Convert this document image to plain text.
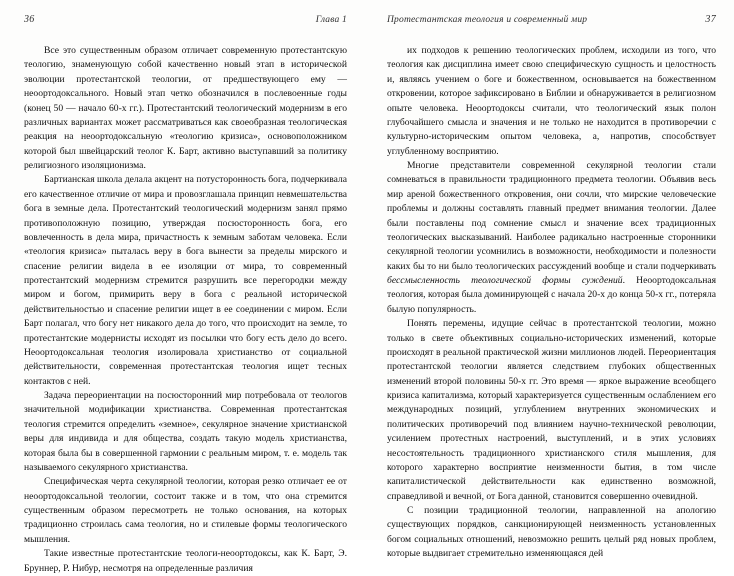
36	Глава 1

Все это существенным образом отличает современную протестантскую теологию, знаменующую собой качественно новый этап в исторической эволюции протестантской теологии, от предшествующего ему — неоортодоксального. Новый этап четко обозначился в послевоенные годы (конец 50 — начало 60-х гг.). Протестантский теологический модернизм в его различных вариантах может рассматриваться как своеобразная теологическая реакция на неоортодоксальную «теологию кризиса», основоположником которой был швейцарский теолог К. Барт, активно выступавший за политику религиозного изоляционизма.

Бартианская школа делала акцент на потусторонность бога, подчеркивала его качественное отличие от мира и провозглашала принцип невмешательства бога в земные дела. Протестантский теологический модернизм занял прямо противоположную позицию, утверждая посюсторонность бога, его вовлеченность в дела мира, причастность к земным заботам человека. Если «теология кризиса» пыталась веру в бога вынести за пределы мирского и спасение религии видела в ее изоляции от мира, то современный протестантский модернизм стремится разрушить все перегородки между миром и богом, примирить веру в бога с реальной исторической действительностью и спасение религии ищет в ее соединении с миром. Если Барт полагал, что богу нет никакого дела до того, что происходит на земле, то протестантские модернисты исходят из посылки что богу есть дело до всего. Неоортодоксальная теология изолировала христианство от социальной действительности, современная протестантская теология ищет тесных контактов с ней.

Задача переориентации на посюсторонний мир потребовала от теологов значительной модификации христианства. Современная протестантская теология стремится определить «земное», секулярное значение христианской веры для индивида и для общества, создать такую модель христианства, которая была бы в совершенной гармонии с реальным миром, т. е. модель так называемого секулярного христианства.

Специфическая черта секулярной теологии, которая резко отличает ее от неоортодоксальной теологии, состоит также и в том, что она стремится существенным образом пересмотреть не только основания, на которых традиционно строилась сама теология, но и стилевые формы теологического мышления.

Такие известные протестантские теологи-неоортодоксы, как К. Барт, Э. Бруннер, Р. Нибур, несмотря на определенные различия

Протестантская теология и современный мир	37

их подходов к решению теологических проблем, исходили из того, что теология как дисциплина имеет свою специфическую сущность и целостность и, являясь учением о боге и божественном, основывается на божественном откровении, которое зафиксировано в Библии и обнаруживается в религиозном опыте человека. Неоортодоксы считали, что теологический язык полон глубочайшего смысла и значения и не только не находится в противоречии с культурно-историческим опытом человека, а, напротив, способствует углубленному восприятию.

Многие представители современной секулярной теологии стали сомневаться в правильности традиционного предмета теологии. Объявив весь мир ареной божественного откровения, они сочли, что мирские человеческие проблемы и должны составлять главный предмет внимания теологии. Далее были поставлены под сомнение смысл и значение всех традиционных теологических высказываний. Наиболее радикально настроенные сторонники секулярной теологии усомнились в возможности, необходимости и полезности каких бы то ни было теологических рассуждений вообще и стали подчеркивать бессмысленность теологической формы суждений. Неоортодоксальная теология, которая была доминирующей с начала 20-х до конца 50-х гг., потеряла былую популярность.

Понять перемены, идущие сейчас в протестантской теологии, можно только в свете объективных социально-исторических изменений, которые происходят в реальной практической жизни миллионов людей. Переориентация протестантской теологии является следствием глубоких общественных изменений второй половины 50-х гг. Это время — яркое выражение всеобщего кризиса капитализма, который характеризуется существенным ослаблением его международных позиций, углублением внутренних экономических и политических противоречий под влиянием научно-технической революции, усилением протестных настроений, выступлений, и в этих условиях несостоятельность традиционного христианского стиля мышления, для которого характерно восприятие неизменности бытия, в том числе капиталистической действительности как единственно возможной, справедливой и вечной, от Бога данной, становится совершенно очевидной.

С позиции традиционной теологии, направленной на апологию существующих порядков, санкционирующей неизменность установленных богом социальных отношений, невозможно решить целый ряд новых проблем, которые выдвигает стремительно изменяющаяся дей
